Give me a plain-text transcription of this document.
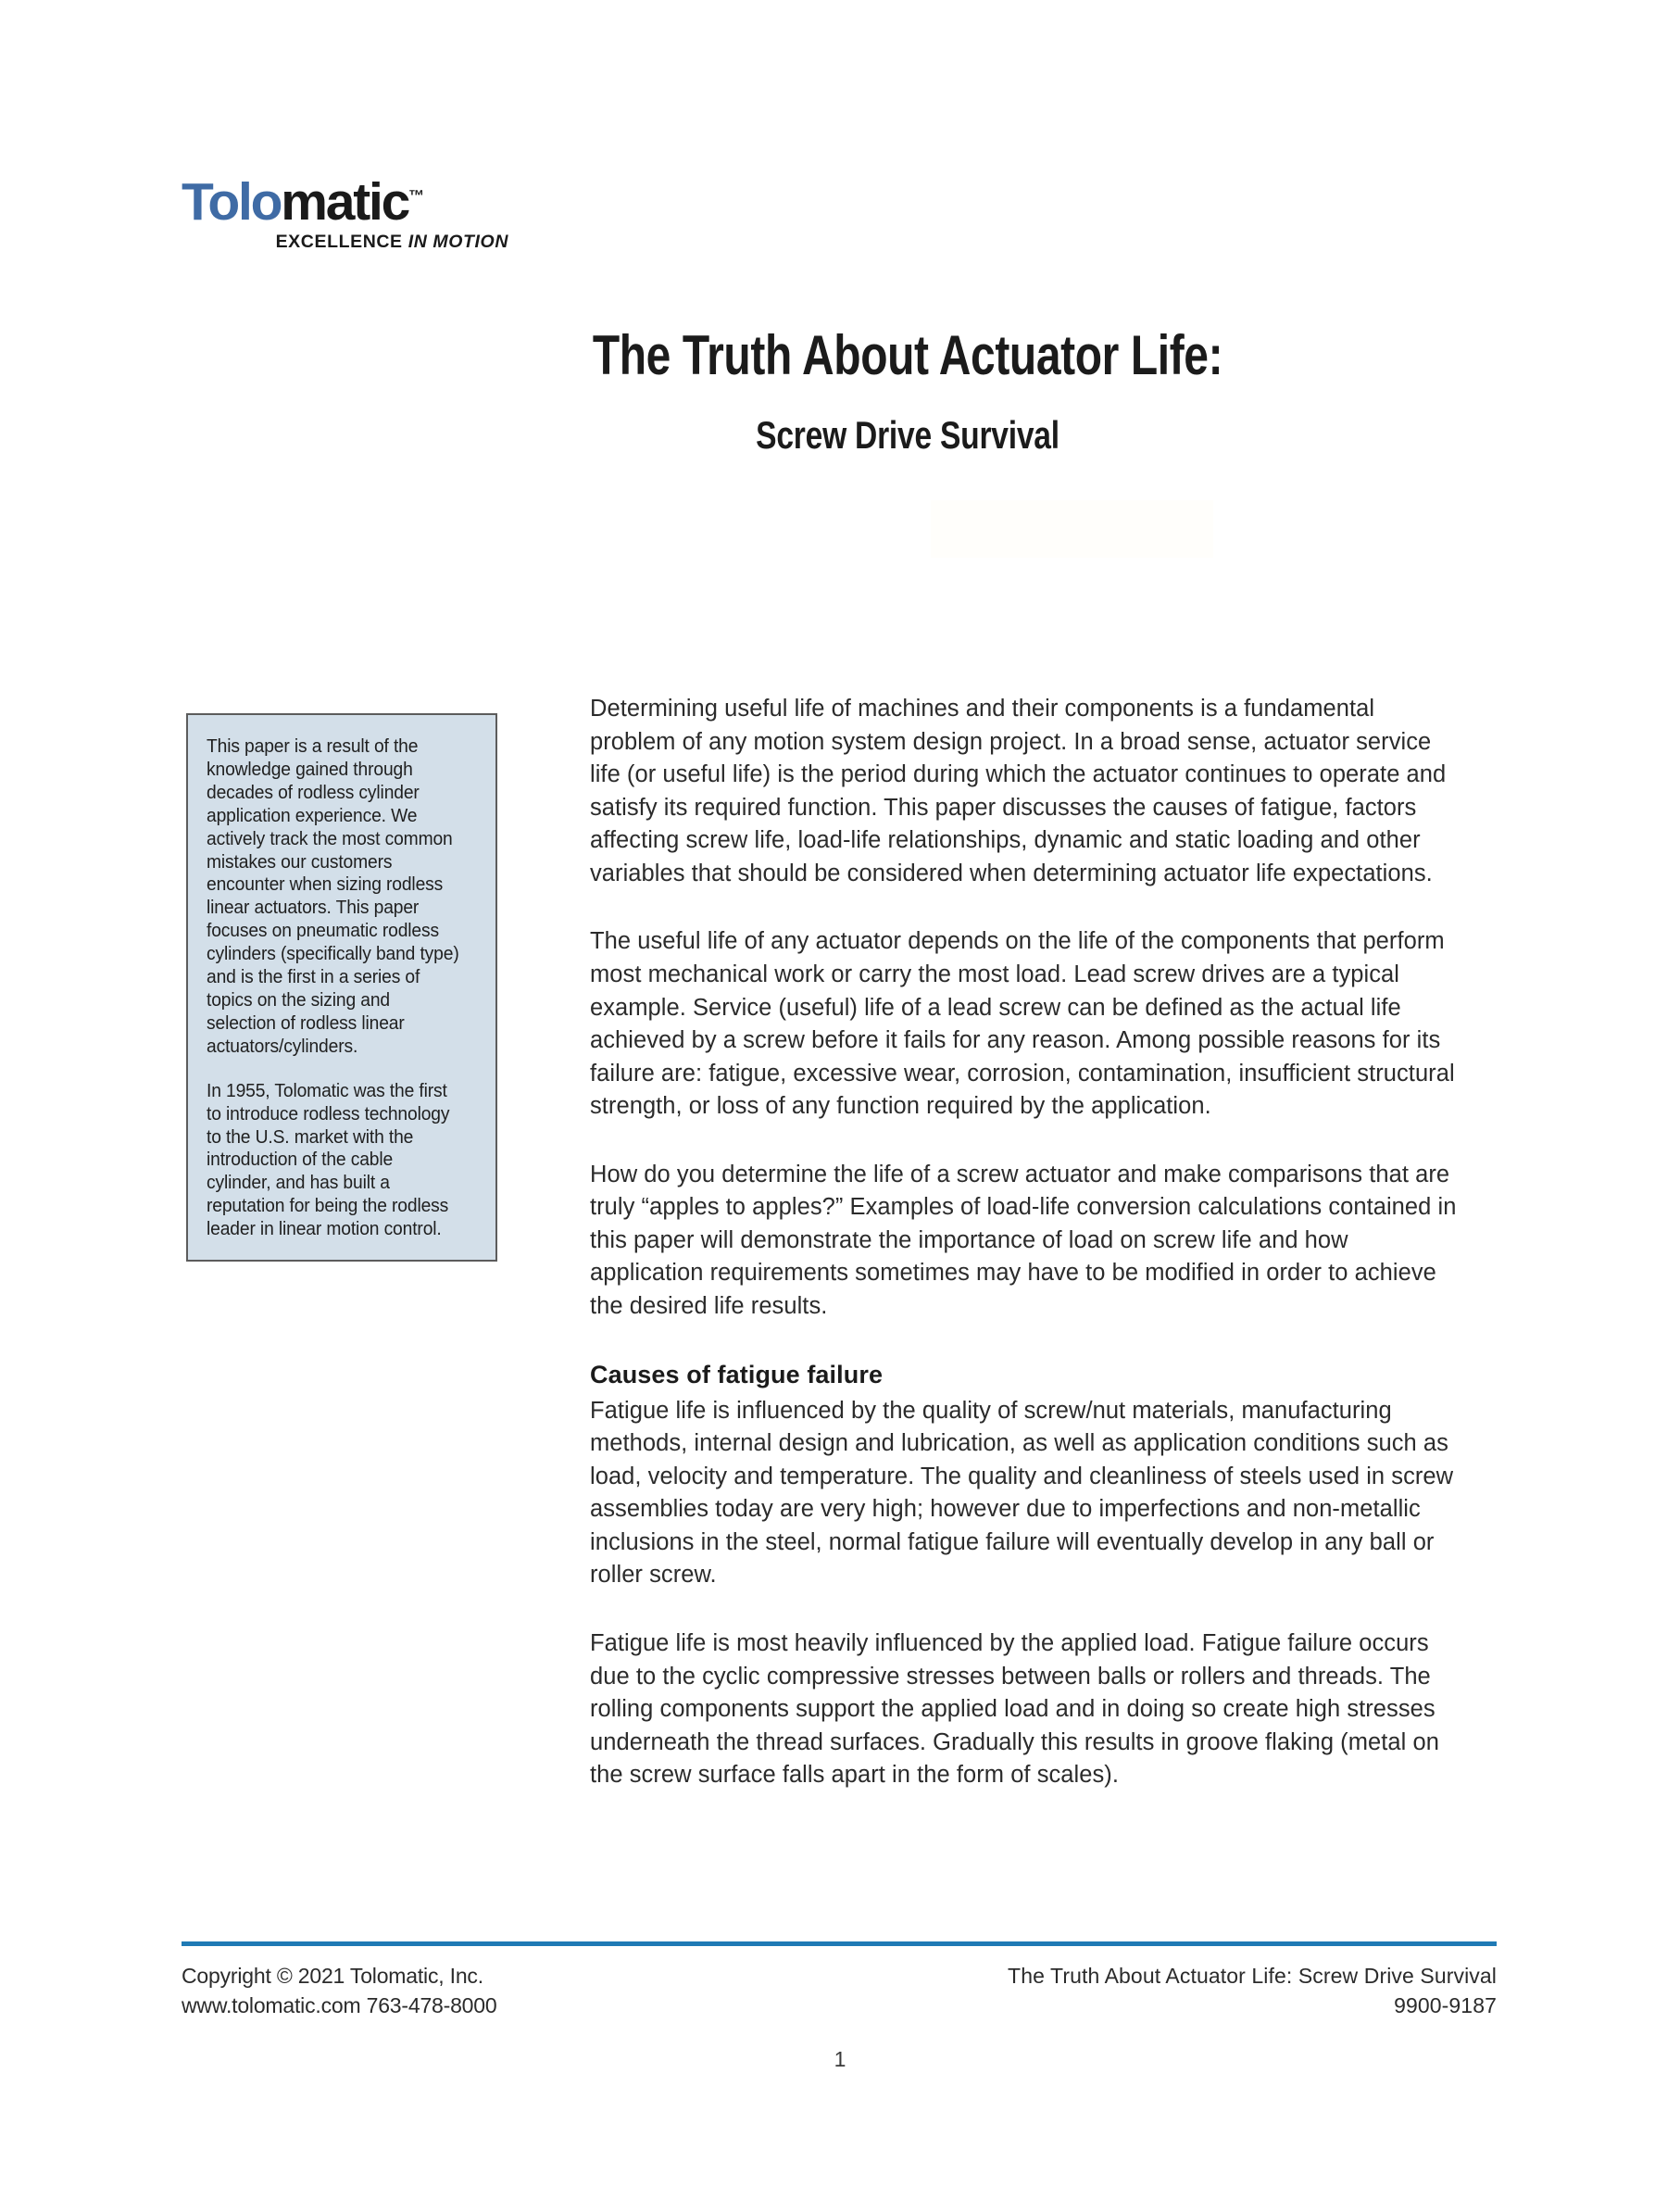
Tolomatic™
EXCELLENCE IN MOTION
The Truth About Actuator Life:
Screw Drive Survival

This paper is a result of the knowledge gained through decades of rodless cylinder application experience. We actively track the most common mistakes our customers encounter when sizing rodless linear actuators. This paper focuses on pneumatic rodless cylinders (specifically band type) and is the first in a series of topics on the sizing and selection of rodless linear actuators/cylinders.

In 1955, Tolomatic was the first to introduce rodless technology to the U.S. market with the introduction of the cable cylinder, and has built a reputation for being the rodless leader in linear motion control.

Determining useful life of machines and their components is a fundamental problem of any motion system design project. In a broad sense, actuator service life (or useful life) is the period during which the actuator continues to operate and satisfy its required function. This paper discusses the causes of fatigue, factors affecting screw life, load-life relationships, dynamic and static loading and other variables that should be considered when determining actuator life expectations.

The useful life of any actuator depends on the life of the components that perform most mechanical work or carry the most load. Lead screw drives are a typical example. Service (useful) life of a lead screw can be defined as the actual life achieved by a screw before it fails for any reason. Among possible reasons for its failure are: fatigue, excessive wear, corrosion, contamination, insufficient structural strength, or loss of any function required by the application.

How do you determine the life of a screw actuator and make comparisons that are truly “apples to apples?” Examples of load-life conversion calculations contained in this paper will demonstrate the importance of load on screw life and how application requirements sometimes may have to be modified in order to achieve the desired life results.

Causes of fatigue failure

Fatigue life is influenced by the quality of screw/nut materials, manufacturing methods, internal design and lubrication, as well as application conditions such as load, velocity and temperature. The quality and cleanliness of steels used in screw assemblies today are very high; however due to imperfections and non-metallic inclusions in the steel, normal fatigue failure will eventually develop in any ball or roller screw.

Fatigue life is most heavily influenced by the applied load. Fatigue failure occurs due to the cyclic compressive stresses between balls or rollers and threads. The rolling components support the applied load and in doing so create high stresses underneath the thread surfaces. Gradually this results in groove flaking (metal on the screw surface falls apart in the form of scales).

Copyright © 2021 Tolomatic, Inc.
www.tolomatic.com 763-478-8000
The Truth About Actuator Life: Screw Drive Survival
9900-9187
1
